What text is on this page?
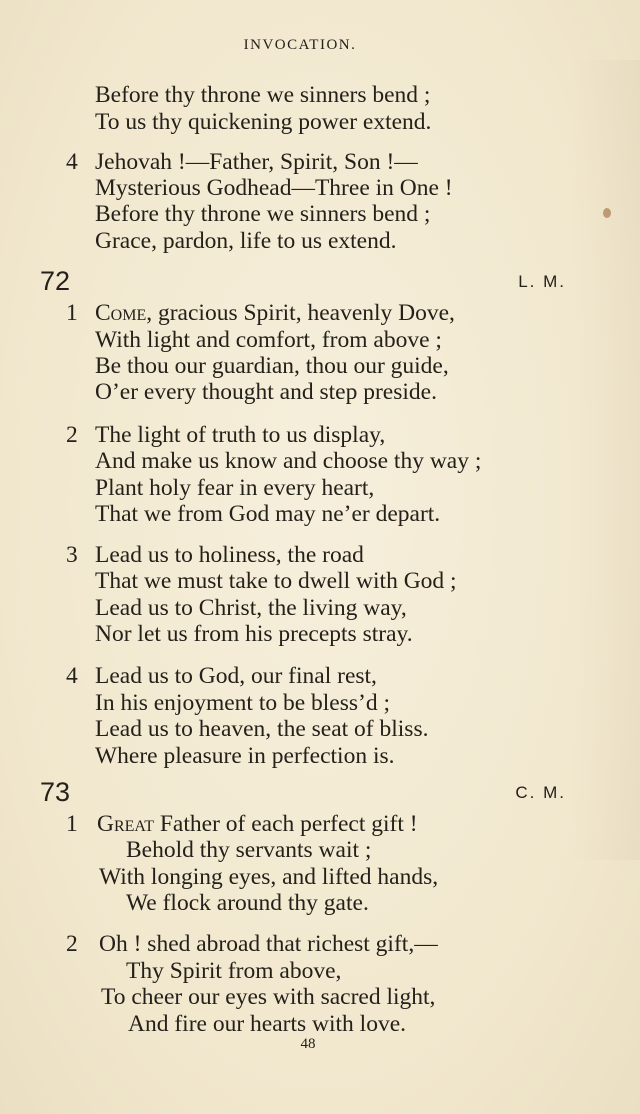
INVOCATION.
Before thy throne we sinners bend ;
To us thy quickening power extend.
4 Jehovah !—Father, Spirit, Son !—
Mysterious Godhead—Three in One !
Before thy throne we sinners bend ;
Grace, pardon, life to us extend.
72	L. M.
1 Come, gracious Spirit, heavenly Dove,
With light and comfort, from above ;
Be thou our guardian, thou our guide,
O’er every thought and step preside.
2 The light of truth to us display,
And make us know and choose thy way ;
Plant holy fear in every heart,
That we from God may ne’er depart.
3 Lead us to holiness, the road
That we must take to dwell with God ;
Lead us to Christ, the living way,
Nor let us from his precepts stray.
4 Lead us to God, our final rest,
In his enjoyment to be bless’d ;
Lead us to heaven, the seat of bliss.
Where pleasure in perfection is.
73	C. M.
1 Great Father of each perfect gift !
Behold thy servants wait ;
With longing eyes, and lifted hands,
We flock around thy gate.
2 Oh ! shed abroad that richest gift,—
Thy Spirit from above,
To cheer our eyes with sacred light,
And fire our hearts with love.
48
